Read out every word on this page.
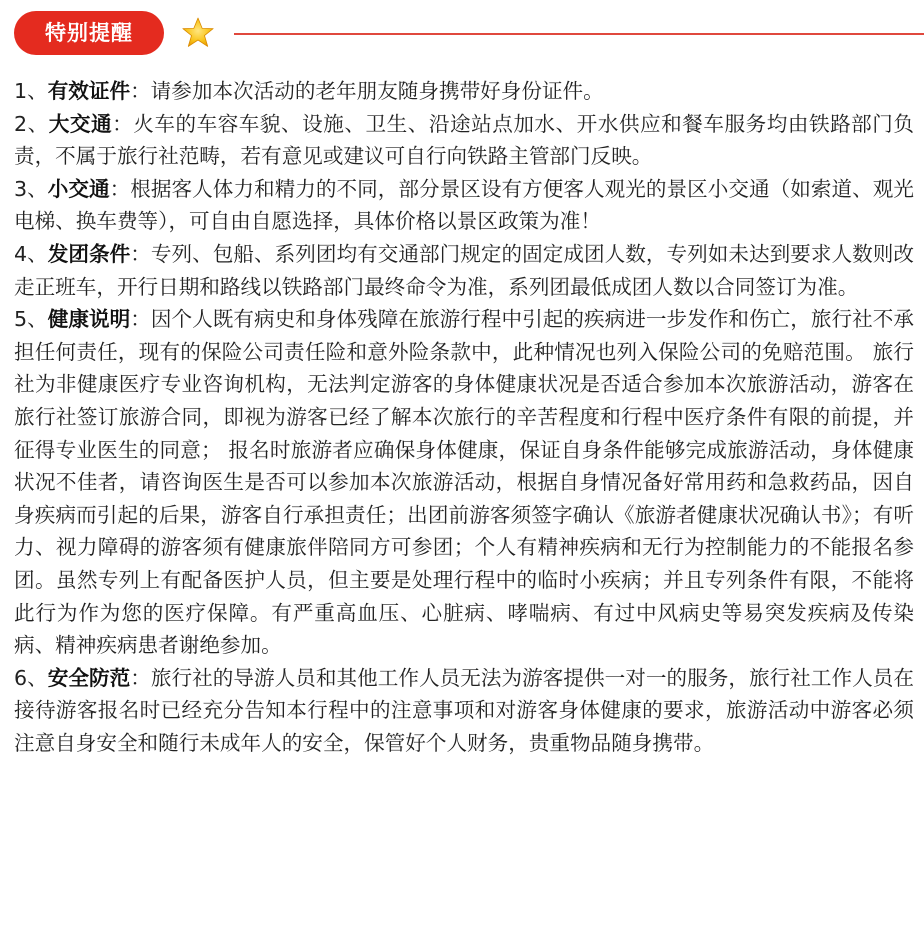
特别提醒

1、有效证件：请参加本次活动的老年朋友随身携带好身份证件。

2、大交通：火车的车容车貌、设施、卫生、沿途站点加水、开水供应和餐车服务均由铁路部门负责，不属于旅行社范畴，若有意见或建议可自行向铁路主管部门反映。

3、小交通：根据客人体力和精力的不同，部分景区设有方便客人观光的景区小交通（如索道、观光电梯、换车费等），可自由自愿选择，具体价格以景区政策为准！

4、发团条件：专列、包船、系列团均有交通部门规定的固定成团人数，专列如未达到要求人数则改走正班车，开行日期和路线以铁路部门最终命令为准，系列团最低成团人数以合同签订为准。

5、健康说明：因个人既有病史和身体残障在旅游行程中引起的疾病进一步发作和伤亡，旅行社不承担任何责任，现有的保险公司责任险和意外险条款中，此种情况也列入保险公司的免赔范围。 旅行社为非健康医疗专业咨询机构，无法判定游客的身体健康状况是否适合参加本次旅游活动，游客在旅行社签订旅游合同，即视为游客已经了解本次旅行的辛苦程度和行程中医疗条件有限的前提，并征得专业医生的同意； 报名时旅游者应确保身体健康，保证自身条件能够完成旅游活动，身体健康状况不佳者，请咨询医生是否可以参加本次旅游活动，根据自身情况备好常用药和急救药品，因自身疾病而引起的后果，游客自行承担责任；出团前游客须签字确认《旅游者健康状况确认书》；有听力、视力障碍的游客须有健康旅伴陪同方可参团；个人有精神疾病和无行为控制能力的不能报名参团。虽然专列上有配备医护人员，但主要是处理行程中的临时小疾病；并且专列条件有限，不能将此行为作为您的医疗保障。有严重高血压、心脏病、哮喘病、有过中风病史等易突发疾病及传染病、精神疾病患者谢绝参加。

6、安全防范：旅行社的导游人员和其他工作人员无法为游客提供一对一的服务，旅行社工作人员在接待游客报名时已经充分告知本行程中的注意事项和对游客身体健康的要求，旅游活动中游客必须注意自身安全和随行未成年人的安全，保管好个人财务，贵重物品随身携带。
